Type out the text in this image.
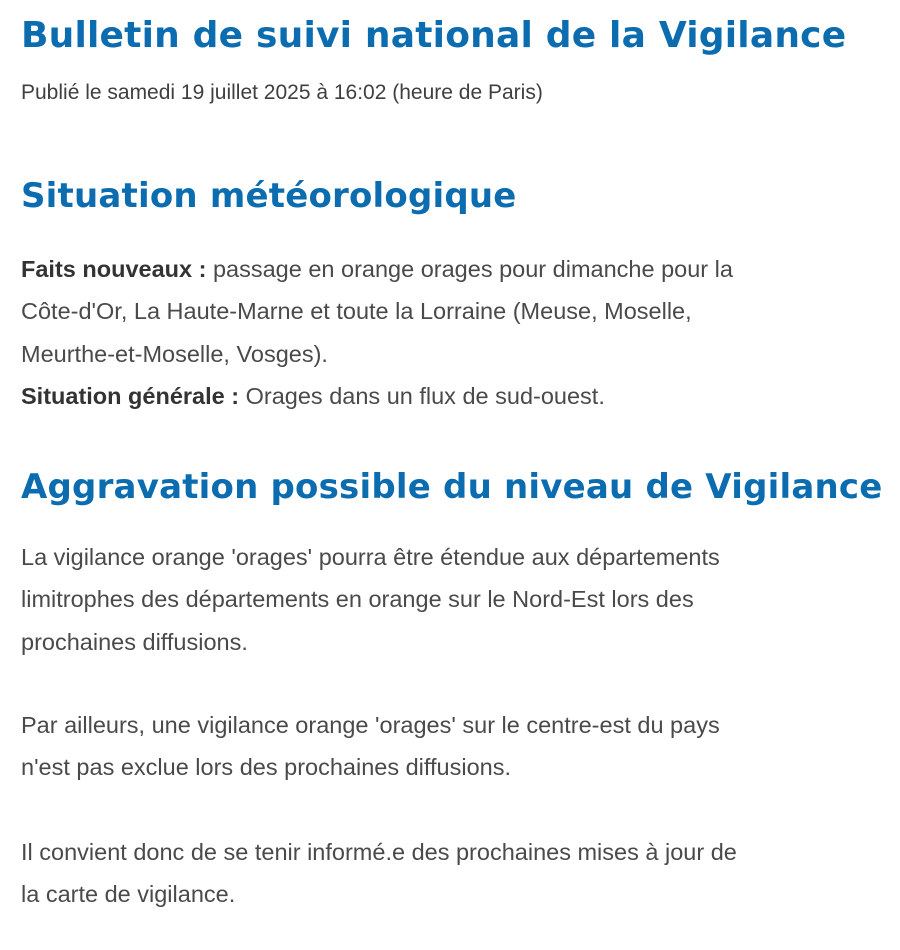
Bulletin de suivi national de la Vigilance
Publié le samedi 19 juillet 2025 à 16:02 (heure de Paris)
Situation météorologique
Faits nouveaux : passage en orange orages pour dimanche pour la
Côte-d'Or, La Haute-Marne et toute la Lorraine (Meuse, Moselle,
Meurthe-et-Moselle, Vosges).
Situation générale : Orages dans un flux de sud-ouest.
Aggravation possible du niveau de Vigilance
La vigilance orange 'orages' pourra être étendue aux départements
limitrophes des départements en orange sur le Nord-Est lors des
prochaines diffusions.
Par ailleurs, une vigilance orange 'orages' sur le centre-est du pays
n'est pas exclue lors des prochaines diffusions.
Il convient donc de se tenir informé.e des prochaines mises à jour de
la carte de vigilance.
